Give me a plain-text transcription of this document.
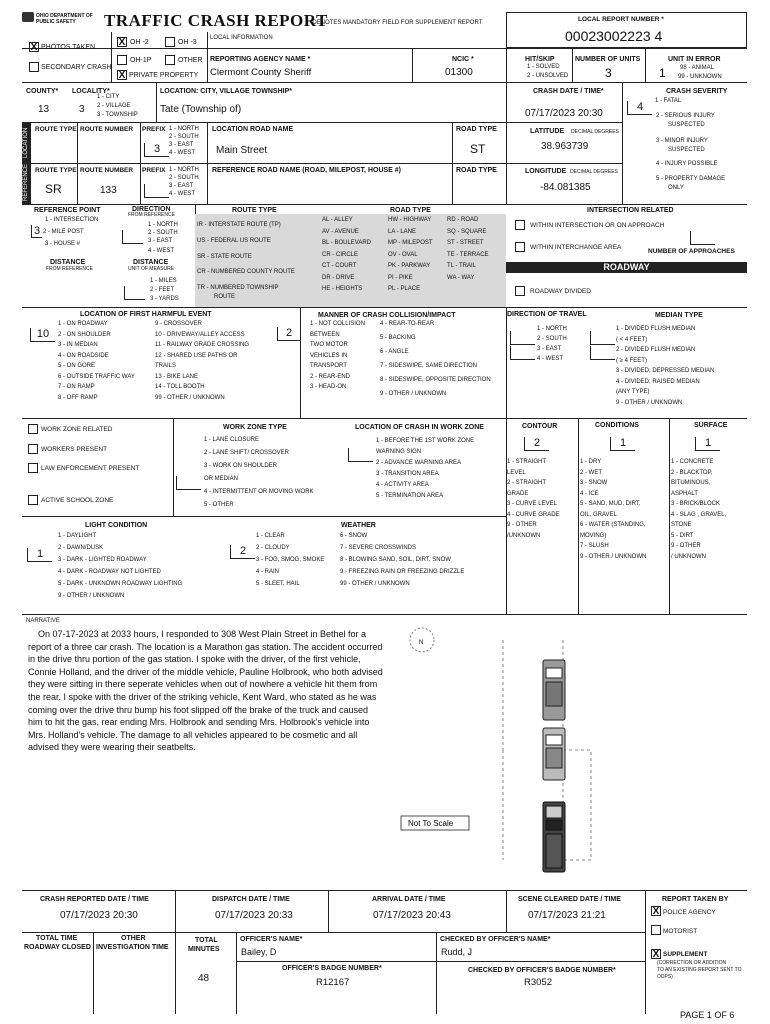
OHIO DEPARTMENT OF PUBLIC SAFETY	TRAFFIC CRASH REPORT
*DENOTES MANDATORY FIELD FOR SUPPLEMENT REPORT	LOCAL REPORT NUMBER *
00023002223 4
X PHOTOS TAKEN
SECONDARY CRASH
X OH -2	OH -3
OH-1P	OTHER
X PRIVATE PROPERTY
LOCAL INFORMATION
REPORTING AGENCY NAME *
Clermont County Sheriff
NCIC *
01300
HIT/SKIP
1 - SOLVED
2 - UNSOLVED
NUMBER OF UNITS
3
UNIT IN ERROR
1 98 - ANIMAL
99 - UNKNOWN
COUNTY*
13
LOCALITY*
1 - CITY
2 - VILLAGE
3 - TOWNSHIP
3
LOCATION: CITY, VILLAGE TOWNSHIP*
Tate (Township of)
CRASH DATE / TIME*
07/17/2023 20:30
CRASH SEVERITY
4	1 - FATAL
2 - SERIOUS INJURY
SUSPECTED
3 - MINOR INJURY
SUSPECTED
4 - INJURY POSSIBLE
5 - PROPERTY DAMAGE
ONLY
LOCATION ROUTE TYPE ROUTE NUMBER PREFIX 1 - NORTH
2 - SOUTH
3 - EAST
4 - WEST
3
LOCATION ROAD NAME
Main Street
ROAD TYPE
ST
LATITUDE DECIMAL DEGREES
38.963739
REFERENCE ROUTE TYPE ROUTE NUMBER PREFIX 1 - NORTH
2 - SOUTH
3 - EAST
4 - WEST
SR	133
REFERENCE ROAD NAME (ROAD, MILEPOST, HOUSE #)	ROAD TYPE	LONGITUDE DECIMAL DEGREES
-84.081385
REFERENCE POINT
1 - INTERSECTION
2 - MILE POST
3 - HOUSE #
3
DIRECTION
FROM REFERENCE
1 - NORTH
2 - SOUTH
3 - EAST
4 - WEST
DISTANCE
FROM REFERENCE
DISTANCE
UNIT OF MEASURE
1 - MILES
2 - FEET
3 - YARDS
ROUTE TYPE
IR - INTERSTATE ROUTE (TP)
US - FEDERAL US ROUTE
SR - STATE ROUTE
CR - NUMBERED COUNTY ROUTE
TR - NUMBERED TOWNSHIP
ROUTE
ROAD TYPE
AL - ALLEY	HW - HIGHWAY	RD - ROAD
AV - AVENUE	LA - LANE	SQ - SQUARE
BL - BOULEVARD	MP - MILEPOST ST - STREET
CR - CIRCLE	OV - OVAL	TE - TERRACE
CT - COURT	PK - PARKWAY	TL - TRAIL
DR - DRIVE	PI - PIKE	WA - WAY
HE - HEIGHTS	PL - PLACE
INTERSECTION RELATED
WITHIN INTERSECTION OR ON APPROACH
WITHIN INTERCHANGE AREA
NUMBER OF APPROACHES
ROADWAY
ROADWAY DIVIDED
LOCATION OF FIRST HARMFUL EVENT
10
1 - ON ROADWAY
2 - ON SHOULDER
3 - IN MEDIAN
4 - ON ROADSIDE
5 - ON GORE
6 - OUTSIDE TRAFFIC WAY
7 - ON RAMP
8 - OFF RAMP
9 - CROSSOVER
10 - DRIVEWAY/ALLEY ACCESS
11 - RAILWAY GRADE CROSSING
12 - SHARED USE PATHS OR
TRAILS
13 - BIKE LANE
14 - TOLL BOOTH
99 - OTHER / UNKNOWN
MANNER OF CRASH COLLISION/IMPACT
2
1 - NOT COLLISION
BETWEEN
TWO MOTOR
VEHICLES IN
TRANSPORT
2 - REAR-END
3 - HEAD-ON
4 - REAR-TO-REAR
5 - BACKING
6 - ANGLE
7 - SIDESWIPE, SAME DIRECTION
8 - SIDESWIPE, OPPOSITE DIRECTION
9 - OTHER / UNKNOWN
DIRECTION OF TRAVEL
1 - NORTH
2 - SOUTH
3 - EAST
4 - WEST
MEDIAN TYPE
1 - DIVIDED FLUSH MEDIAN
( < 4 FEET)
2 - DIVIDED FLUSH MEDIAN
( ≥ 4 FEET)
3 - DIVIDED, DEPRESSED MEDIAN
4 - DIVIDED, RAISED MEDIAN
(ANY TYPE)
9 - OTHER / UNKNOWN
WORK ZONE RELATED
WORKERS PRESENT
LAW ENFORCEMENT PRESENT
ACTIVE SCHOOL ZONE
WORK ZONE TYPE
1 - LANE CLOSURE
2 - LANE SHIFT/ CROSSOVER
3 - WORK ON SHOULDER
OR MEDIAN
4 - INTERMITTENT OR MOVING WORK
5 - OTHER
LOCATION OF CRASH IN WORK ZONE
1 - BEFORE THE 1ST WORK ZONE
WARNING SIGN
2 - ADVANCE WARNING AREA
3 - TRANSITION AREA
4 - ACTIVITY AREA
5 - TERMINATION AREA
CONTOUR
2
1 - STRAIGHT
LEVEL
2 - STRAIGHT
GRADE
3 - CURVE LEVEL
4 - CURVE GRADE
9 - OTHER
/UNKNOWN
CONDITIONS
1
1 - DRY
2 - WET
3 - SNOW
4 - ICE
5 - SAND, MUD, DIRT,
OIL, GRAVEL
6 - WATER (STANDING,
MOVING)
7 - SLUSH
9 - OTHER / UNKNOWN
SURFACE
1
1 - CONCRETE
2 - BLACKTOP,
BITUMINOUS,
ASPHALT
3 - BRICK/BLOCK
4 - SLAG , GRAVEL,
STONE
5 - DIRT
9 - OTHER
/ UNKNOWN
LIGHT CONDITION
1
1 - DAYLIGHT
2 - DAWN/DUSK
3 - DARK - LIGHTED ROADWAY
4 - DARK - ROADWAY NOT LIGHTED
5 - DARK - UNKNOWN ROADWAY LIGHTING
9 - OTHER / UNKNOWN
WEATHER
2
1 - CLEAR
2 - CLOUDY
3 - FOG, SMOG, SMOKE
4 - RAIN
5 - SLEET, HAIL
6 - SNOW
7 - SEVERE CROSSWINDS
8 - BLOWING SAND, SOIL, DIRT, SNOW
9 - FREEZING RAIN OR FREEZING DRIZZLE
99 - OTHER / UNKNOWN
NARRATIVE
On 07-17-2023 at 2033 hours, I responded to 308 West Plain Street in Bethel for a report of a three car crash. The location is a Marathon gas station. The accident occurred in the drive thru portion of the gas station. I spoke with the driver, of the first vehicle, Connie Holland, and the driver of the middle vehicle, Pauline Holbrook, who both advised they were sitting in there seperate vehicles when out of nowhere a vehicle hit them from the rear. I spoke with the driver of the striking vehicle, Kent Ward, who stated as he was coming over the drive thru bump his foot slipped off the brake of the truck and caused him to hit the gas, rear ending Mrs. Holbrook and sending Mrs. Holbrook's vehicle into Mrs. Holland's vehicle. The damage to all vehicles appeared to be cosmetic and all advised they were wearing their seatbelts.
N
Not To Scale
CRASH REPORTED DATE / TIME
07/17/2023 20:30
DISPATCH DATE / TIME
07/17/2023 20:33
ARRIVAL DATE / TIME
07/17/2023 20:43
SCENE CLEARED DATE / TIME
07/17/2023 21:21
REPORT TAKEN BY
X POLICE AGENCY
MOTORIST
X SUPPLEMENT
(CORRECTION OR ADDITION
TO AN EXISTING REPORT SENT TO
ODPS)
TOTAL TIME
ROADWAY CLOSED
OTHER
INVESTIGATION TIME
TOTAL
MINUTES
48
OFFICER'S NAME*
Bailey, D
CHECKED BY OFFICER'S NAME*
Rudd, J
OFFICER'S BADGE NUMBER*
R12167
CHECKED BY OFFICER'S BADGE NUMBER*
R3052
PAGE 1 OF 6
